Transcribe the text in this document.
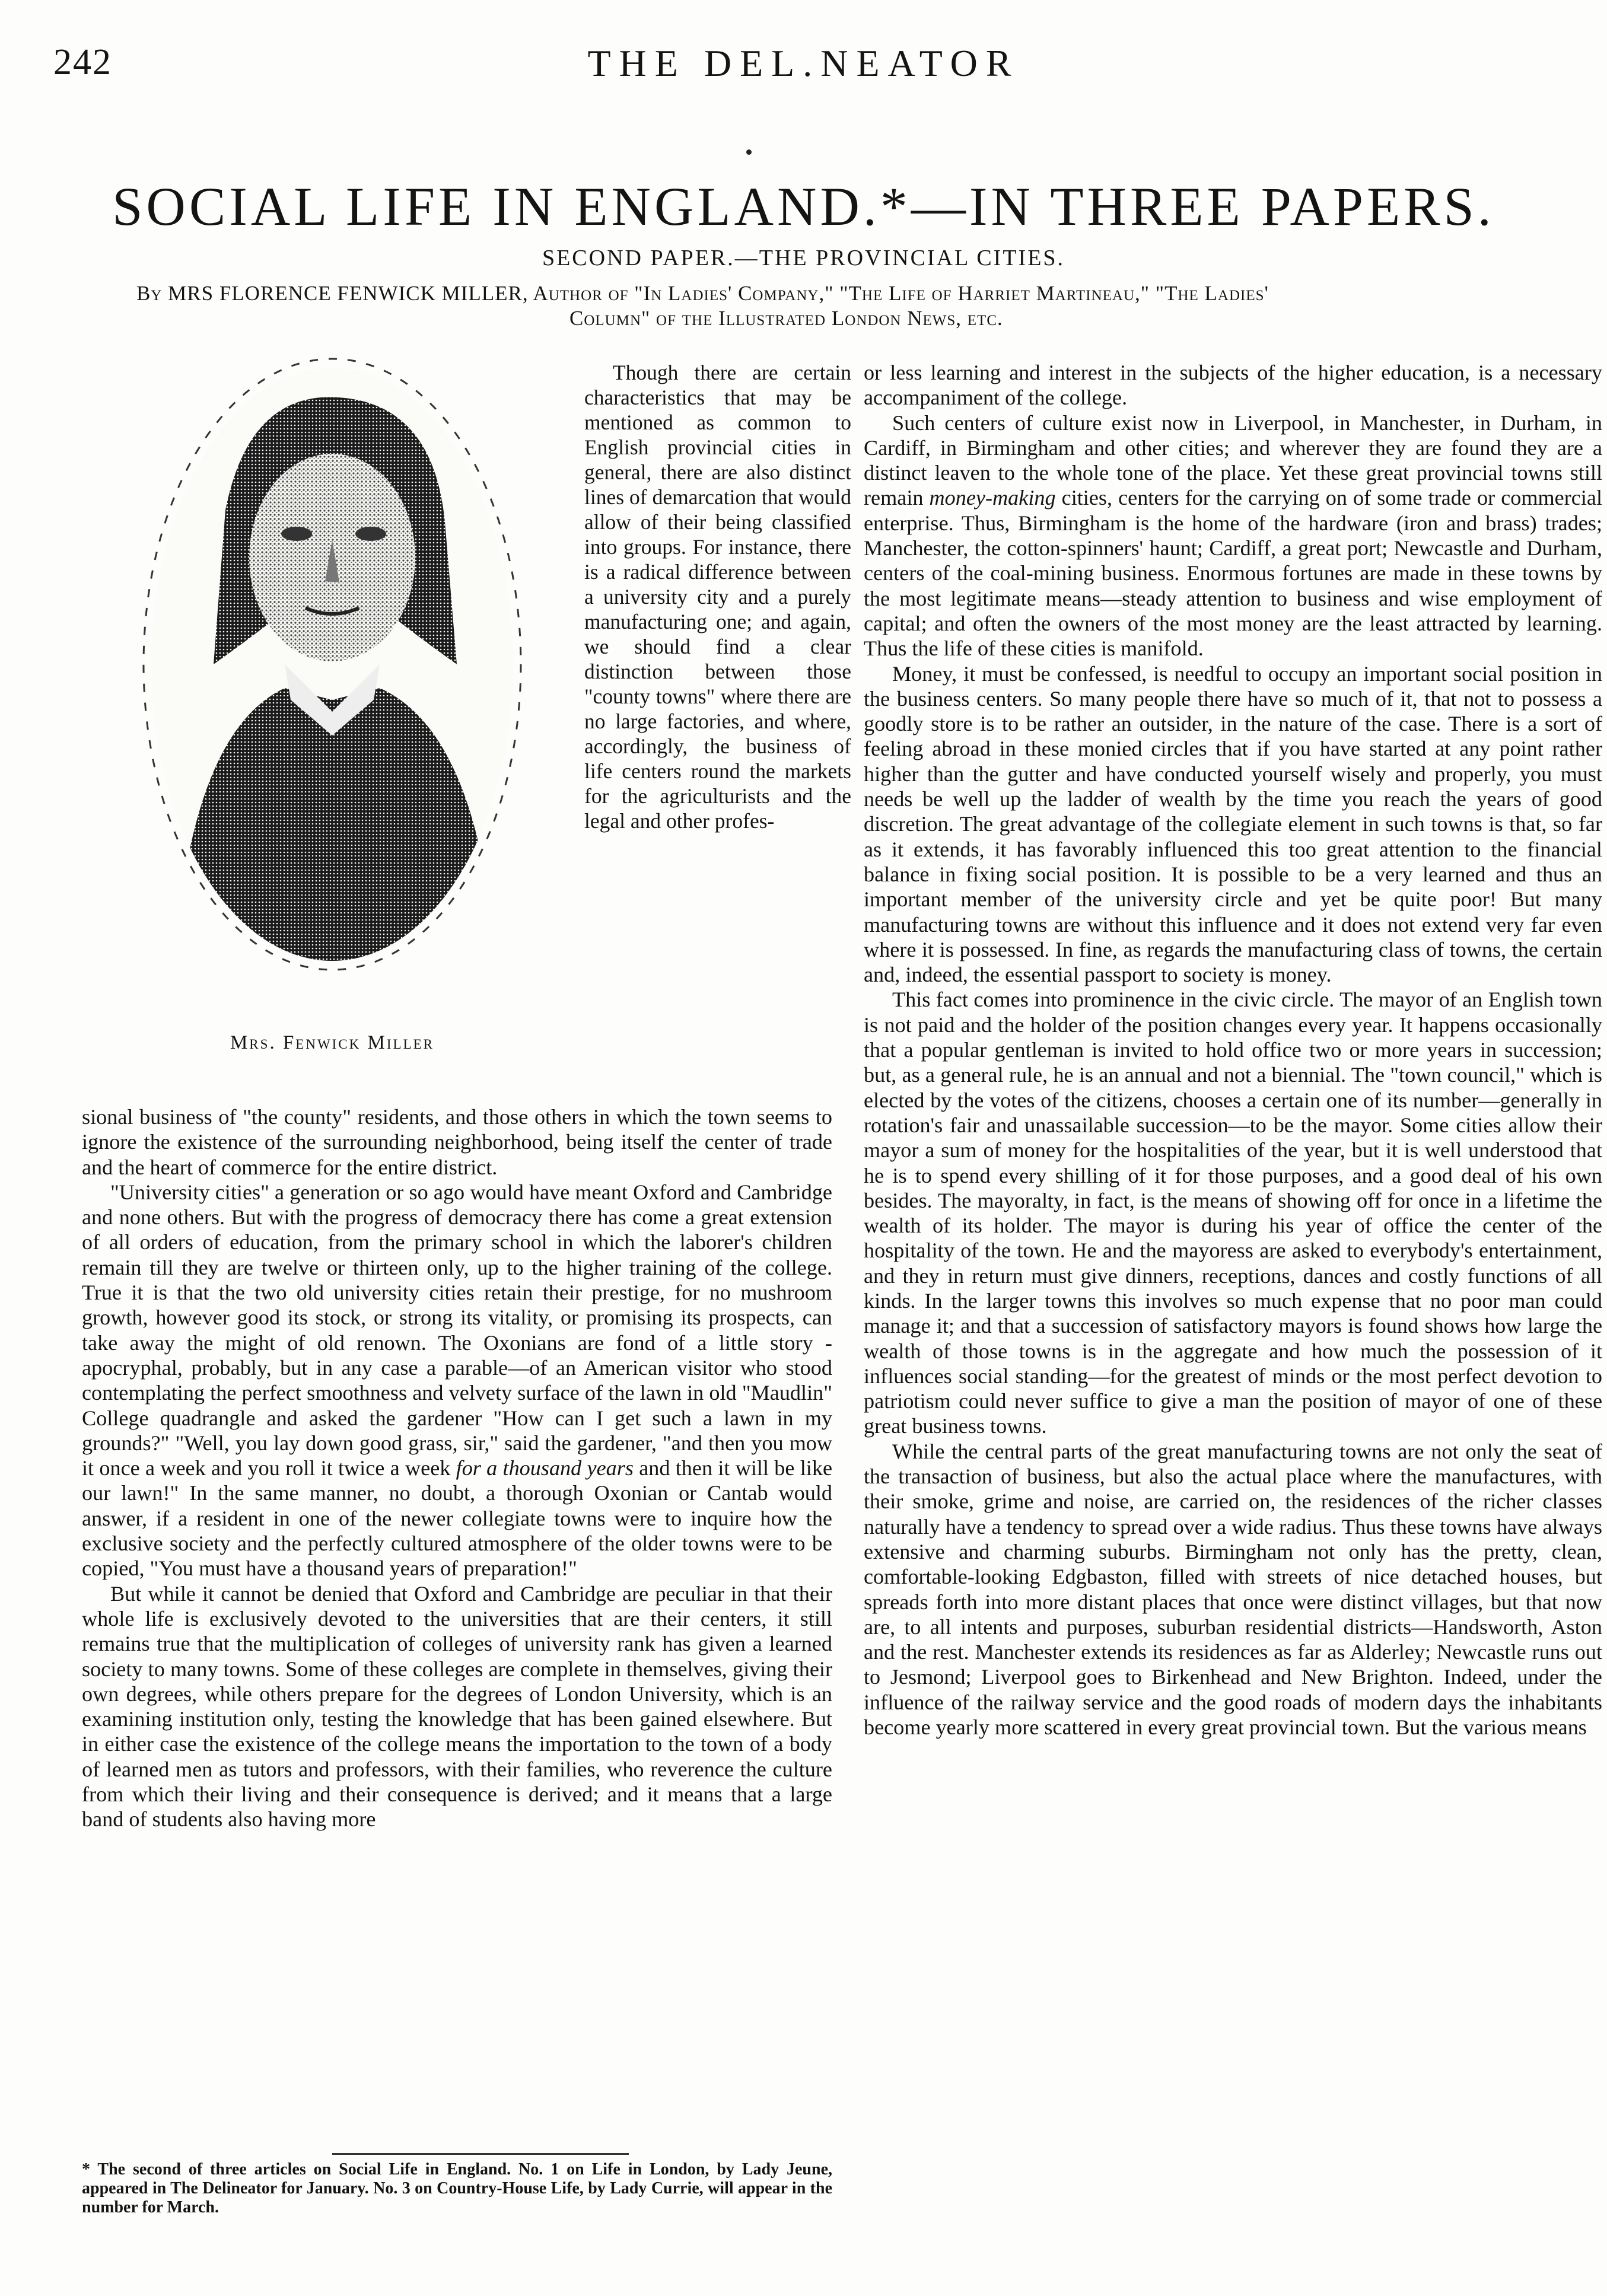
242	THE DEL.NEATOR
SOCIAL LIFE IN ENGLAND.*—IN THREE PAPERS.
SECOND PAPER.—THE PROVINCIAL CITIES.
By MRS FLORENCE FENWICK MILLER, Author of "In Ladies' Company," "The Life of Harriet Martineau," "The Ladies'
Column" of the Illustrated London News, etc.
Mrs. Fenwick Miller

Though there are certain characteristics that may be mentioned as common to English provincial cities in general, there are also distinct lines of demarcation that would allow of their being classified into groups. For instance, there is a radical difference between a university city and a purely manufacturing one; and again, we should find a clear distinction between those "county towns" where there are no large factories, and where, accordingly, the business of life centers round the markets for the agriculturists and the legal and other profes-

sional business of "the county" residents, and those others in which the town seems to ignore the existence of the surrounding neighborhood, being itself the center of trade and the heart of commerce for the entire district.

"University cities" a generation or so ago would have meant Oxford and Cambridge and none others. But with the progress of democracy there has come a great extension of all orders of education, from the primary school in which the laborer's children remain till they are twelve or thirteen only, up to the higher training of the college. True it is that the two old university cities retain their prestige, for no mushroom growth, however good its stock, or strong its vitality, or promising its prospects, can take away the might of old renown. The Oxonians are fond of a little story - apocryphal, probably, but in any case a parable—of an American visitor who stood contemplating the perfect smoothness and velvety surface of the lawn in old "Maudlin" College quadrangle and asked the gardener "How can I get such a lawn in my grounds?" "Well, you lay down good grass, sir," said the gardener, "and then you mow it once a week and you roll it twice a week for a thousand years and then it will be like our lawn!" In the same manner, no doubt, a thorough Oxonian or Cantab would answer, if a resident in one of the newer collegiate towns were to inquire how the exclusive society and the perfectly cultured atmosphere of the older towns were to be copied, "You must have a thousand years of preparation!"

But while it cannot be denied that Oxford and Cambridge are peculiar in that their whole life is exclusively devoted to the universities that are their centers, it still remains true that the multiplication of colleges of university rank has given a learned society to many towns. Some of these colleges are complete in themselves, giving their own degrees, while others prepare for the degrees of London University, which is an examining institution only, testing the knowledge that has been gained elsewhere. But in either case the existence of the college means the importation to the town of a body of learned men as tutors and professors, with their families, who reverence the culture from which their living and their consequence is derived; and it means that a large band of students also having more

or less learning and interest in the subjects of the higher education, is a necessary accompaniment of the college.

Such centers of culture exist now in Liverpool, in Manchester, in Durham, in Cardiff, in Birmingham and other cities; and wherever they are found they are a distinct leaven to the whole tone of the place. Yet these great provincial towns still remain money-making cities, centers for the carrying on of some trade or commercial enterprise. Thus, Birmingham is the home of the hardware (iron and brass) trades; Manchester, the cotton-spinners' haunt; Cardiff, a great port; Newcastle and Durham, centers of the coal-mining business. Enormous fortunes are made in these towns by the most legitimate means—steady attention to business and wise employment of capital; and often the owners of the most money are the least attracted by learning. Thus the life of these cities is manifold.

Money, it must be confessed, is needful to occupy an important social position in the business centers. So many people there have so much of it, that not to possess a goodly store is to be rather an outsider, in the nature of the case. There is a sort of feeling abroad in these monied circles that if you have started at any point rather higher than the gutter and have conducted yourself wisely and properly, you must needs be well up the ladder of wealth by the time you reach the years of good discretion. The great advantage of the collegiate element in such towns is that, so far as it extends, it has favorably influenced this too great attention to the financial balance in fixing social position. It is possible to be a very learned and thus an important member of the university circle and yet be quite poor! But many manufacturing towns are without this influence and it does not extend very far even where it is possessed. In fine, as regards the manufacturing class of towns, the certain and, indeed, the essential passport to society is money.

This fact comes into prominence in the civic circle. The mayor of an English town is not paid and the holder of the position changes every year. It happens occasionally that a popular gentleman is invited to hold office two or more years in succession; but, as a general rule, he is an annual and not a biennial. The "town council," which is elected by the votes of the citizens, chooses a certain one of its number—generally in rotation's fair and unassailable succession—to be the mayor. Some cities allow their mayor a sum of money for the hospitalities of the year, but it is well understood that he is to spend every shilling of it for those purposes, and a good deal of his own besides. The mayoralty, in fact, is the means of showing off for once in a lifetime the wealth of its holder. The mayor is during his year of office the center of the hospitality of the town. He and the mayoress are asked to everybody's entertainment, and they in return must give dinners, receptions, dances and costly functions of all kinds. In the larger towns this involves so much expense that no poor man could manage it; and that a succession of satisfactory mayors is found shows how large the wealth of those towns is in the aggregate and how much the possession of it influences social standing—for the greatest of minds or the most perfect devotion to patriotism could never suffice to give a man the position of mayor of one of these great business towns.

While the central parts of the great manufacturing towns are not only the seat of the transaction of business, but also the actual place where the manufactures, with their smoke, grime and noise, are carried on, the residences of the richer classes naturally have a tendency to spread over a wide radius. Thus these towns have always extensive and charming suburbs. Birmingham not only has the pretty, clean, comfortable-looking Edgbaston, filled with streets of nice detached houses, but spreads forth into more distant places that once were distinct villages, but that now are, to all intents and purposes, suburban residential districts—Handsworth, Aston and the rest. Manchester extends its residences as far as Alderley; Newcastle runs out to Jesmond; Liverpool goes to Birkenhead and New Brighton. Indeed, under the influence of the railway service and the good roads of modern days the inhabitants become yearly more scattered in every great provincial town. But the various means

* The second of three articles on Social Life in England. No. 1 on Life in London, by Lady Jeune, appeared in The Delineator for January. No. 3 on Country-House Life, by Lady Currie, will appear in the number for March.
